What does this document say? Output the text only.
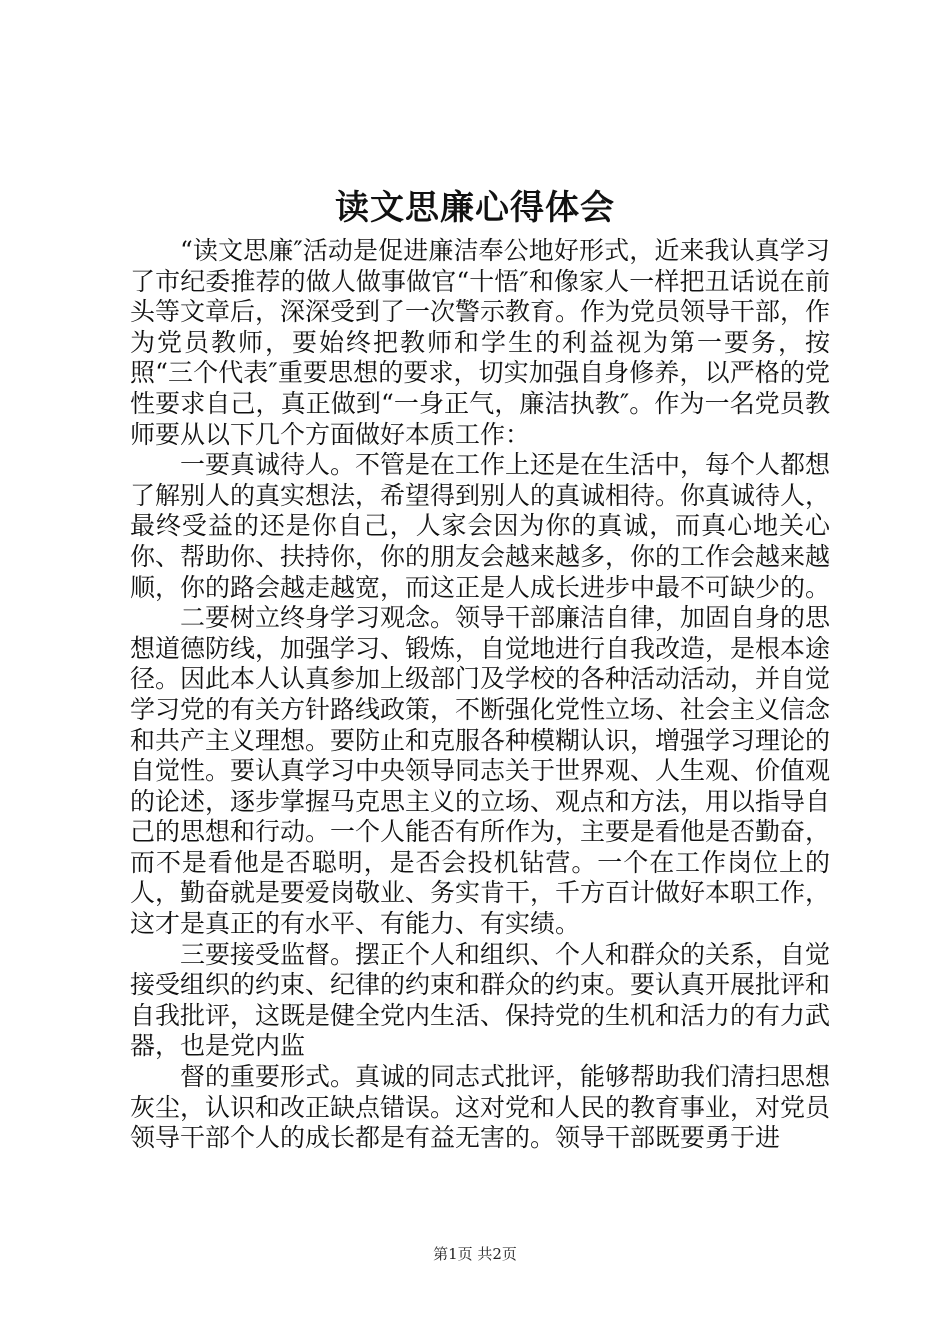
读文思廉心得体会

“读文思廉″活动是促进廉洁奉公地好形式，近来我认真学习了市纪委推荐的做人做事做官“十悟″和像家人一样把丑话说在前头等文章后，深深受到了一次警示教育。作为党员领导干部，作为党员教师，要始终把教师和学生的利益视为第一要务，按照“三个代表″重要思想的要求，切实加强自身修养，以严格的党性要求自己，真正做到“一身正气，廉洁执教″。作为一名党员教师要从以下几个方面做好本质工作：

一要真诚待人。不管是在工作上还是在生活中，每个人都想了解别人的真实想法，希望得到别人的真诚相待。你真诚待人，最终受益的还是你自己，人家会因为你的真诚，而真心地关心你、帮助你、扶持你，你的朋友会越来越多，你的工作会越来越顺，你的路会越走越宽，而这正是人成长进步中最不可缺少的。

二要树立终身学习观念。领导干部廉洁自律，加固自身的思想道德防线，加强学习、锻炼，自觉地进行自我改造，是根本途径。因此本人认真参加上级部门及学校的各种活动活动，并自觉学习党的有关方针路线政策，不断强化党性立场、社会主义信念和共产主义理想。要防止和克服各种模糊认识，增强学习理论的自觉性。要认真学习中央领导同志关于世界观、人生观、价值观的论述，逐步掌握马克思主义的立场、观点和方法，用以指导自己的思想和行动。一个人能否有所作为，主要是看他是否勤奋，而不是看他是否聪明，是否会投机钻营。一个在工作岗位上的人，勤奋就是要爱岗敬业、务实肯干，千方百计做好本职工作，这才是真正的有水平、有能力、有实绩。

三要接受监督。摆正个人和组织、个人和群众的关系，自觉接受组织的约束、纪律的约束和群众的约束。要认真开展批评和自我批评，这既是健全党内生活、保持党的生机和活力的有力武器，也是党内监

督的重要形式。真诚的同志式批评，能够帮助我们清扫思想灰尘，认识和改正缺点错误。这对党和人民的教育事业，对党员领导干部个人的成长都是有益无害的。领导干部既要勇于进

第1页 共2页
